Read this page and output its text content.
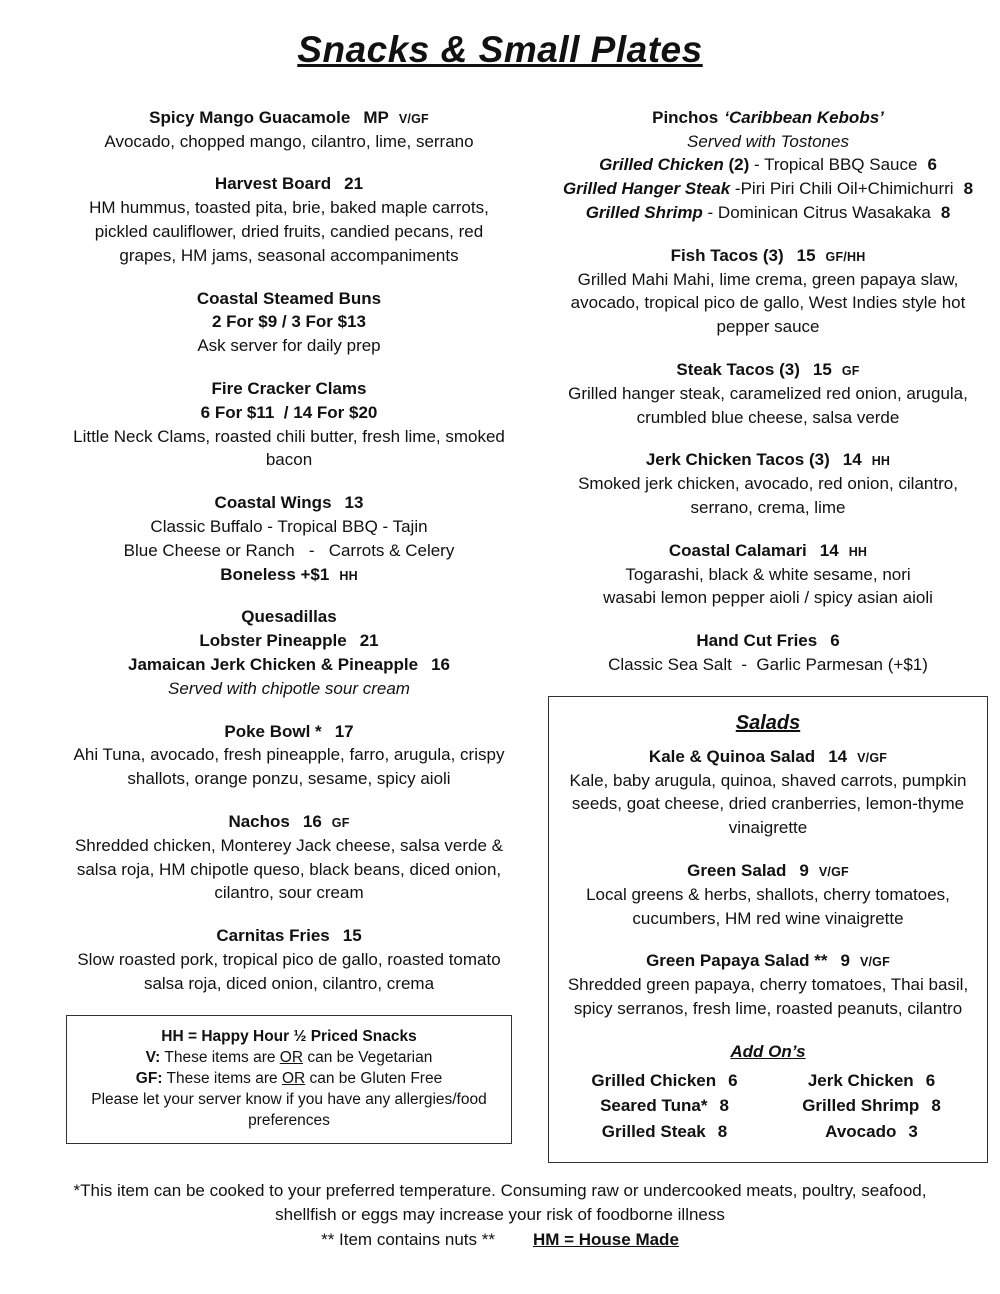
Snacks & Small Plates
Spicy Mango Guacamole MP V/GF

Avocado, chopped mango, cilantro, lime, serrano

Harvest Board 21

HM hummus, toasted pita, brie, baked maple carrots, pickled cauliflower, dried fruits, candied pecans, red grapes, HM jams, seasonal accompaniments

Coastal Steamed Buns
2 For $9 / 3 For $13

Ask server for daily prep

Fire Cracker Clams
6 For $11  / 14 For $20

Little Neck Clams, roasted chili butter, fresh lime, smoked bacon

Coastal Wings 13

Classic Buffalo - Tropical BBQ - Tajin

Blue Cheese or Ranch   -   Carrots & Celery

Boneless +$1 HH
Quesadillas
Lobster Pineapple 21
Jamaican Jerk Chicken & Pineapple 16

Served with chipotle sour cream

Poke Bowl * 17

Ahi Tuna, avocado, fresh pineapple, farro, arugula, crispy shallots, orange ponzu, sesame, spicy aioli

Nachos 16 GF

Shredded chicken, Monterey Jack cheese, salsa verde & salsa roja, HM chipotle queso, black beans, diced onion, cilantro, sour cream

Carnitas Fries 15

Slow roasted pork, tropical pico de gallo, roasted tomato salsa roja, diced onion, cilantro, crema

HH = Happy Hour ½ Priced Snacks
V: These items are OR can be Vegetarian
GF: These items are OR can be Gluten Free
Please let your server know if you have any allergies/food preferences
Pinchos ‘Caribbean Kebobs’

Served with Tostones

Grilled Chicken (2) - Tropical BBQ Sauce 6
Grilled Hanger Steak -Piri Piri Chili Oil+Chimichurri 8
Grilled Shrimp - Dominican Citrus Wasakaka 8
Fish Tacos (3) 15 GF/HH

Grilled Mahi Mahi, lime crema, green papaya slaw, avocado, tropical pico de gallo, West Indies style hot pepper sauce

Steak Tacos (3) 15 GF

Grilled hanger steak, caramelized red onion, arugula, crumbled blue cheese, salsa verde

Jerk Chicken Tacos (3) 14 HH

Smoked jerk chicken, avocado, red onion, cilantro, serrano, crema, lime

Coastal Calamari 14 HH

Togarashi, black & white sesame, nori

wasabi lemon pepper aioli / spicy asian aioli

Hand Cut Fries 6

Classic Sea Salt  -  Garlic Parmesan (+$1)

Salads
Kale & Quinoa Salad 14 V/GF

Kale, baby arugula, quinoa, shaved carrots, pumpkin seeds, goat cheese, dried cranberries, lemon-thyme vinaigrette

Green Salad 9 V/GF

Local greens & herbs, shallots, cherry tomatoes, cucumbers, HM red wine vinaigrette

Green Papaya Salad ** 9 V/GF

Shredded green papaya, cherry tomatoes, Thai basil, spicy serranos, fresh lime, roasted peanuts, cilantro

Add On’s
Grilled Chicken 6	Jerk Chicken 6
Seared Tuna* 8	Grilled Shrimp 8
Grilled Steak 8	Avocado 3
*This item can be cooked to your preferred temperature. Consuming raw or undercooked meats, poultry, seafood, shellfish or eggs may increase your risk of foodborne illness
** Item contains nuts ** HM = House Made
